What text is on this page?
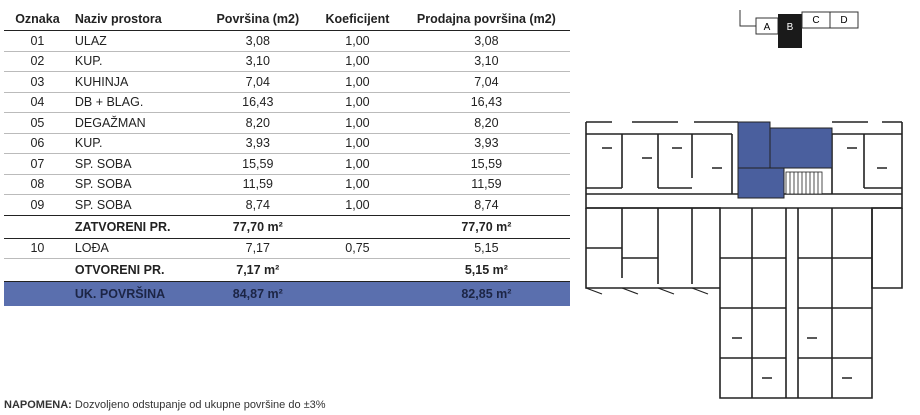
Oznaka	Naziv prostora	Površina (m2)	Koeficijent	Prodajna površina (m2)
01	ULAZ	3,08	1,00	3,08
02	KUP.	3,10	1,00	3,10
03	KUHINJA	7,04	1,00	7,04
04	DB + BLAG.	16,43	1,00	16,43
05	DEGAŽMAN	8,20	1,00	8,20
06	KUP.	3,93	1,00	3,93
07	SP. SOBA	15,59	1,00	15,59
08	SP. SOBA	11,59	1,00	11,59
09	SP. SOBA	8,74	1,00	8,74
	ZATVORENI PR.	77,70 m²		77,70 m²
10	LOĐA	7,17	0,75	5,15
	OTVORENI PR.	7,17 m²		5,15 m²
	UK. POVRŠINA	84,87 m²		82,85 m²
NAPOMENA: Dozvoljeno odstupanje od ukupne površine do ±3%
A B
C D
